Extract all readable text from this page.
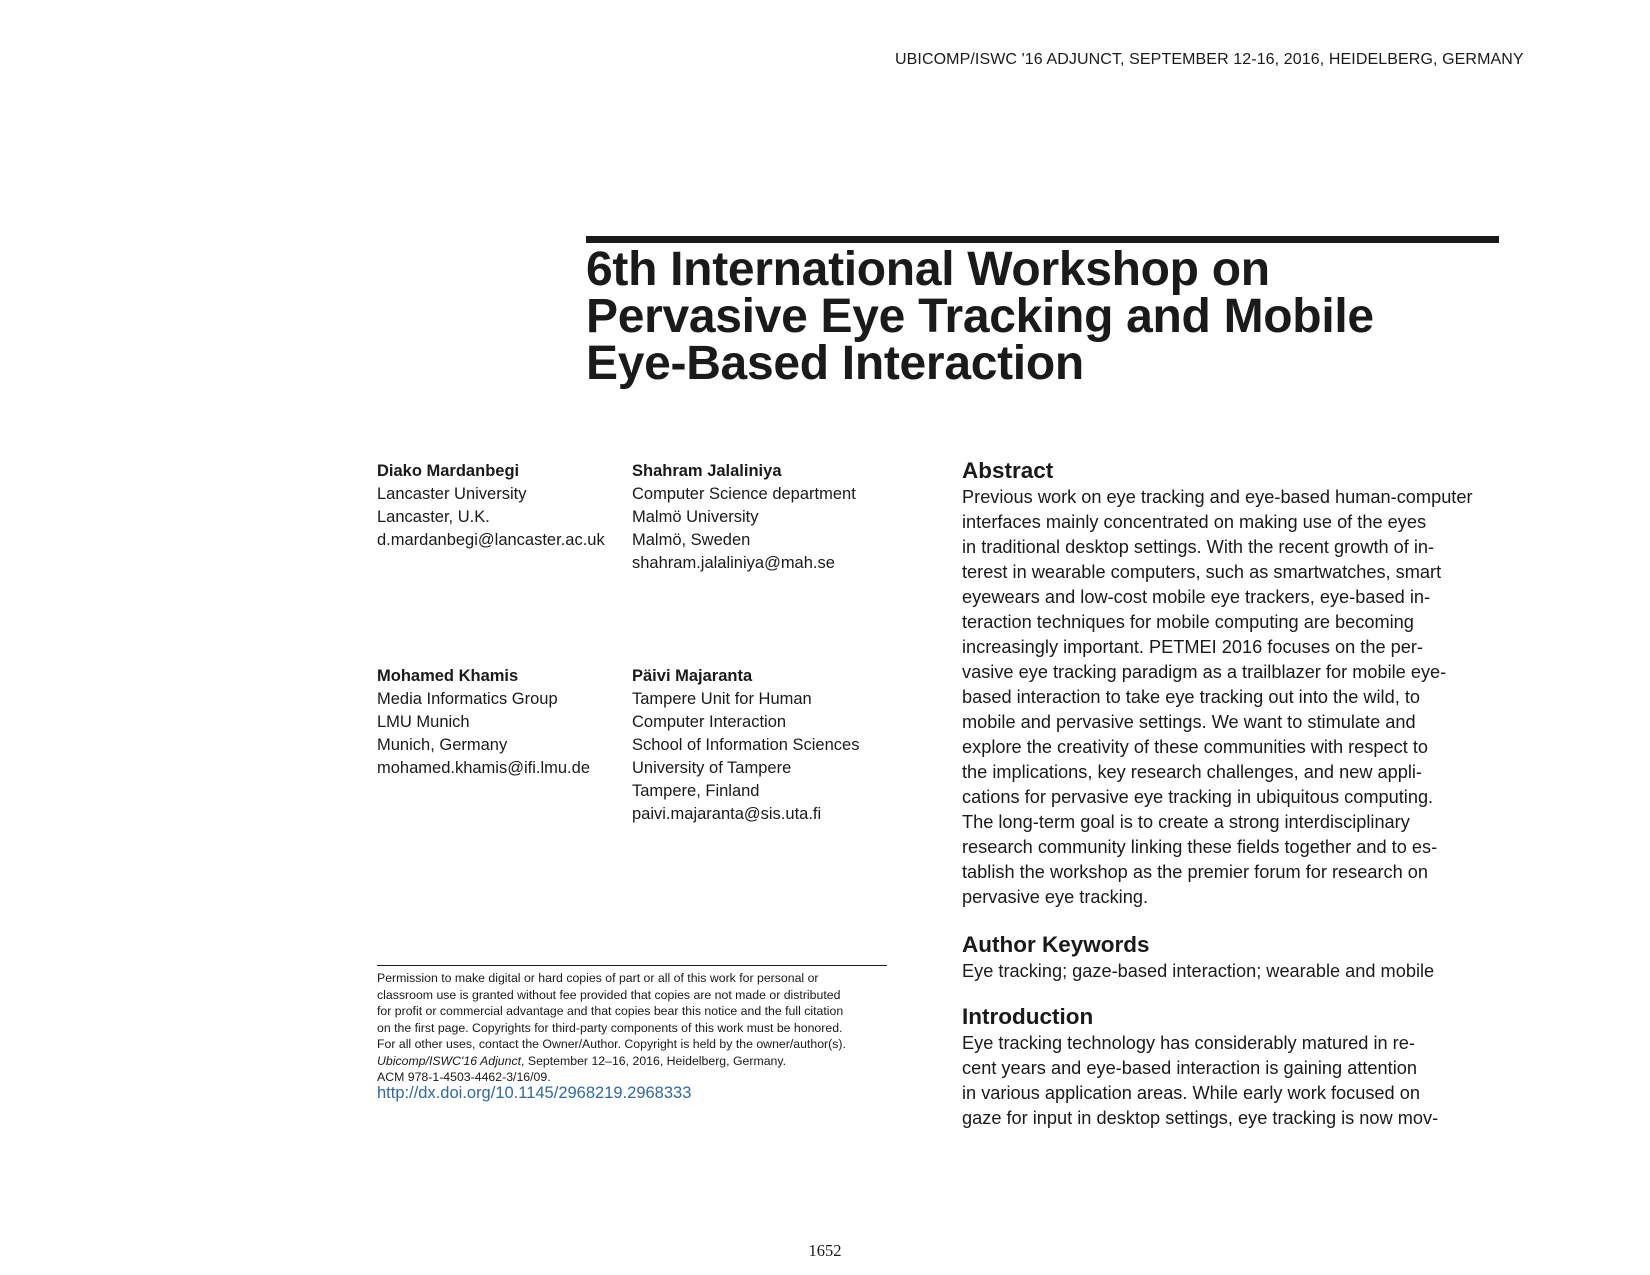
UBICOMP/ISWC '16 ADJUNCT, SEPTEMBER 12-16, 2016, HEIDELBERG, GERMANY
6th International Workshop on
Pervasive Eye Tracking and Mobile
Eye-Based Interaction
Diako Mardanbegi
Lancaster University
Lancaster, U.K.
d.mardanbegi@lancaster.ac.uk
Shahram Jalaliniya
Computer Science department
Malmö University
Malmö, Sweden
shahram.jalaliniya@mah.se
Mohamed Khamis
Media Informatics Group
LMU Munich
Munich, Germany
mohamed.khamis@ifi.lmu.de
Päivi Majaranta
Tampere Unit for Human
Computer Interaction
School of Information Sciences
University of Tampere
Tampere, Finland
paivi.majaranta@sis.uta.fi
Abstract
Previous work on eye tracking and eye-based human-computer
interfaces mainly concentrated on making use of the eyes
in traditional desktop settings. With the recent growth of in-
terest in wearable computers, such as smartwatches, smart
eyewears and low-cost mobile eye trackers, eye-based in-
teraction techniques for mobile computing are becoming
increasingly important. PETMEI 2016 focuses on the per-
vasive eye tracking paradigm as a trailblazer for mobile eye-
based interaction to take eye tracking out into the wild, to
mobile and pervasive settings. We want to stimulate and
explore the creativity of these communities with respect to
the implications, key research challenges, and new appli-
cations for pervasive eye tracking in ubiquitous computing.
The long-term goal is to create a strong interdisciplinary
research community linking these fields together and to es-
tablish the workshop as the premier forum for research on
pervasive eye tracking.
Author Keywords
Eye tracking; gaze-based interaction; wearable and mobile
Introduction
Eye tracking technology has considerably matured in re-
cent years and eye-based interaction is gaining attention
in various application areas. While early work focused on
gaze for input in desktop settings, eye tracking is now mov-
Permission to make digital or hard copies of part or all of this work for personal or
classroom use is granted without fee provided that copies are not made or distributed
for profit or commercial advantage and that copies bear this notice and the full citation
on the first page. Copyrights for third-party components of this work must be honored.
For all other uses, contact the Owner/Author. Copyright is held by the owner/author(s).
Ubicomp/ISWC'16 Adjunct, September 12–16, 2016, Heidelberg, Germany.
ACM 978-1-4503-4462-3/16/09.
http://dx.doi.org/10.1145/2968219.2968333
1652
